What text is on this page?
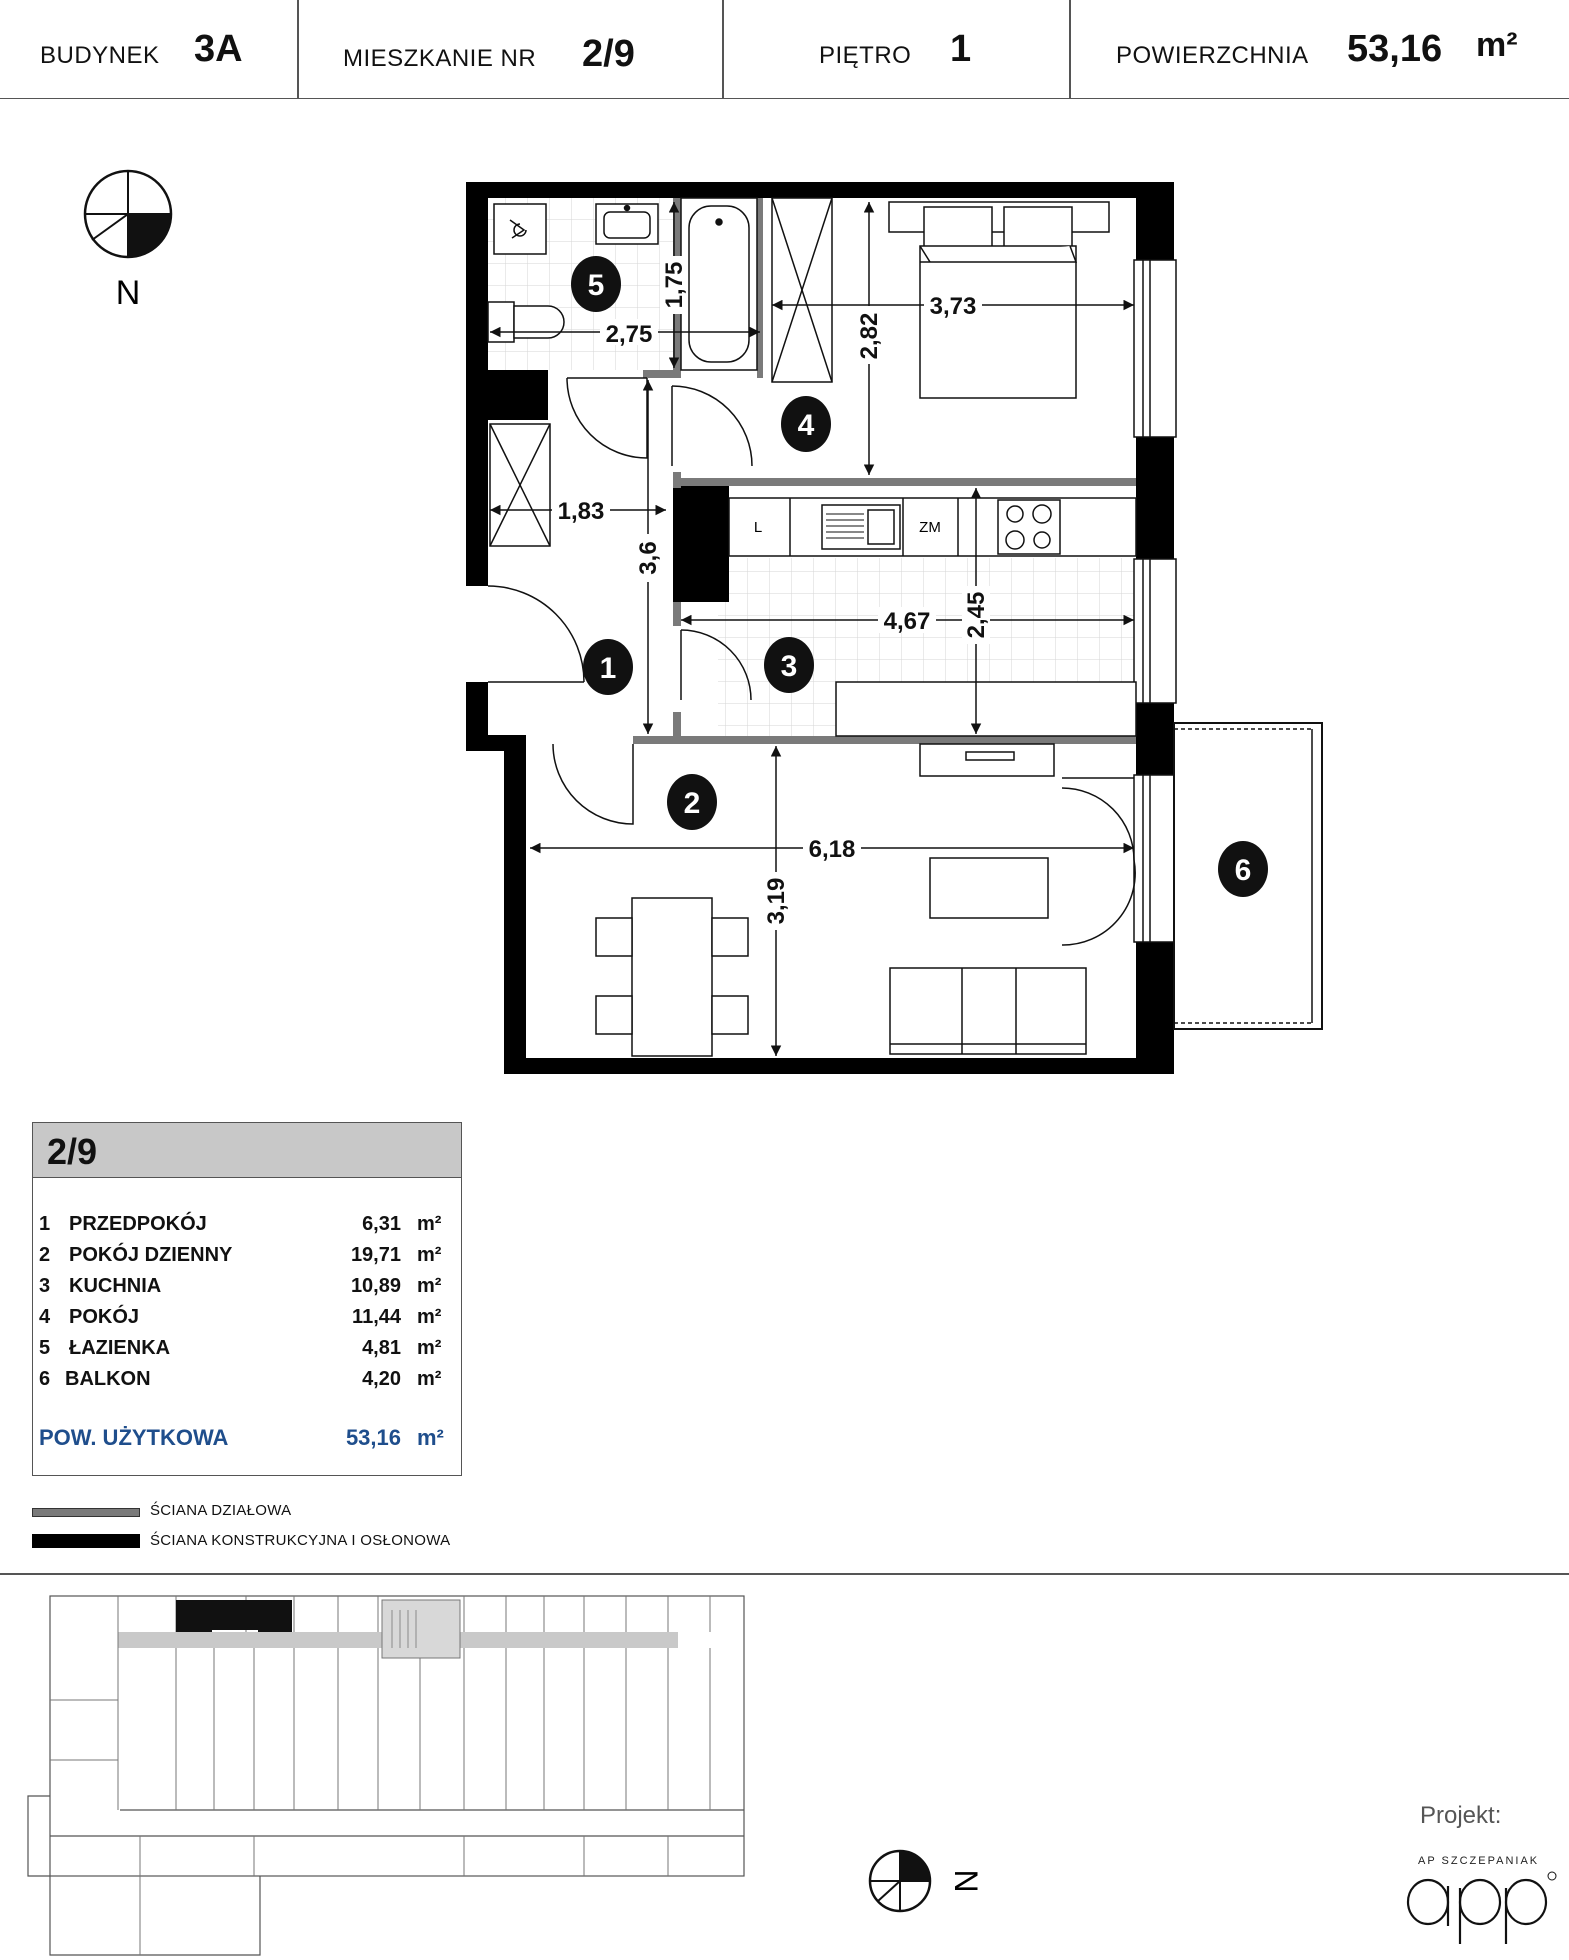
BUDYNEK 3A	MIESZKANIE NR 2/9	PIĘTRO 1	POWIERZCHNIA 53,16 m²
N
L	ZM
2,75
1,75	3,73
2,82
1,83
3,6
4,67 2,45
6,18
3,19
1
2
3
4
5
6
2/9
1 PRZEDPOKÓJ	6,31 m²
2 POKÓJ DZIENNY	19,71 m²
3 KUCHNIA	10,89 m²
4 POKÓJ	11,44 m²
5 ŁAZIENKA	4,81 m²
6 BALKON	4,20 m²
POW. UŻYTKOWA	53,16 m²
ŚCIANA DZIAŁOWA
ŚCIANA KONSTRUKCYJNA I OSŁONOWA
N
Projekt:
AP SZCZEPANIAK
